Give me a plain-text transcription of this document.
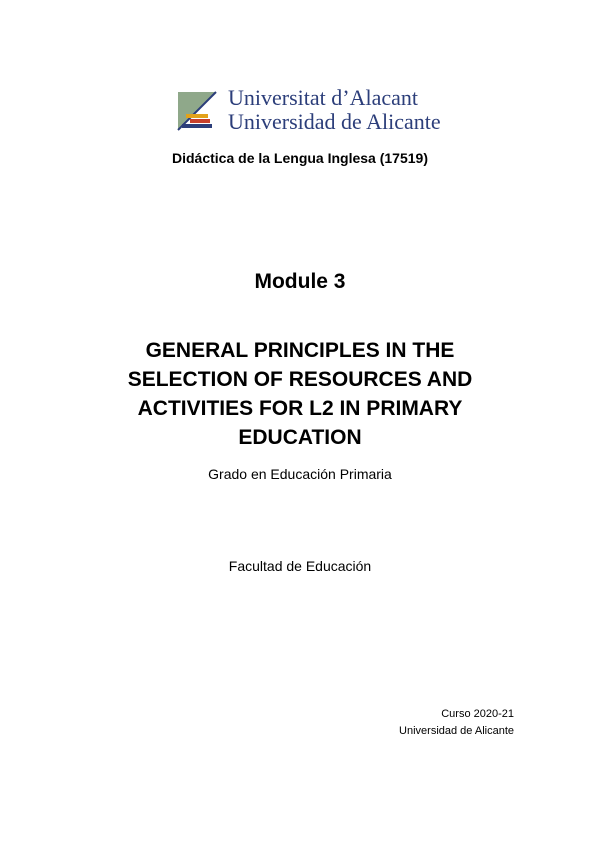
Universitat d’Alacant
Universidad de Alicante
Didáctica de la Lengua Inglesa (17519)
Module 3
GENERAL PRINCIPLES IN THE SELECTION OF RESOURCES AND ACTIVITIES FOR L2 IN PRIMARY EDUCATION
Grado en Educación Primaria
Facultad de Educación
Curso 2020-21
Universidad de Alicante
